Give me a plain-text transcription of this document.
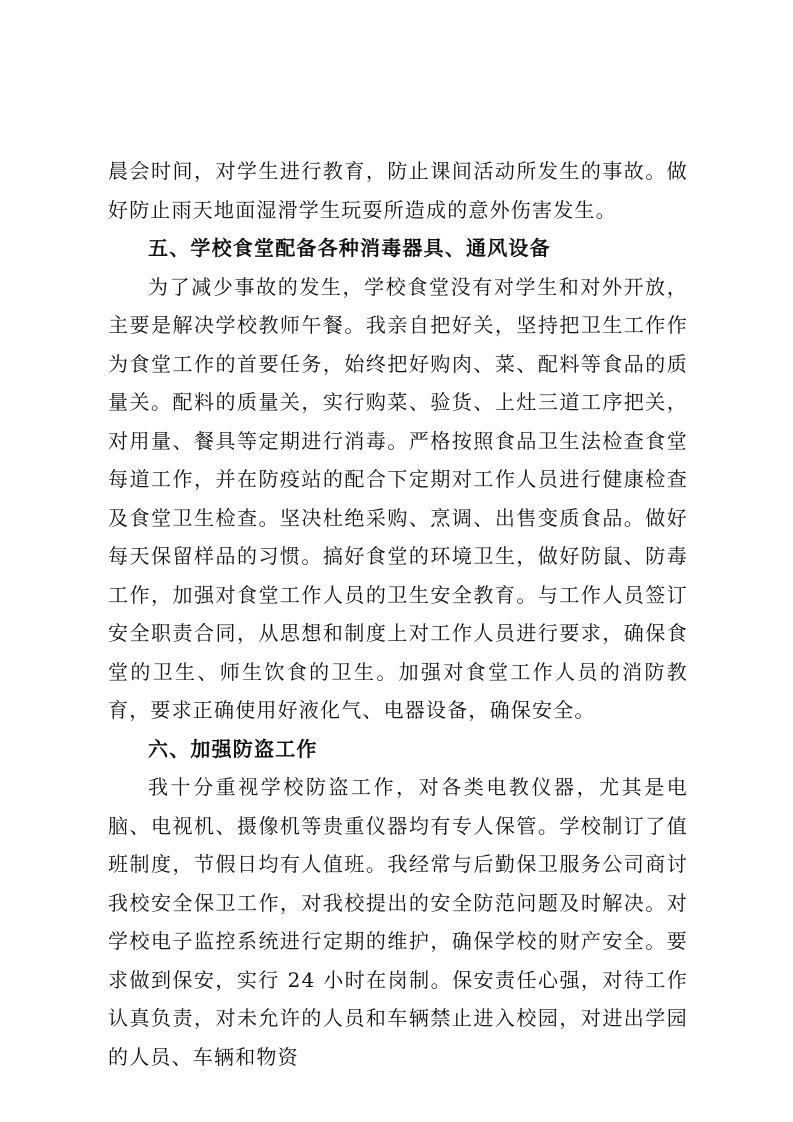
晨会时间，对学生进行教育，防止课间活动所发生的事故。做好防止雨天地面湿滑学生玩耍所造成的意外伤害发生。

五、学校食堂配备各种消毒器具、通风设备

为了减少事故的发生，学校食堂没有对学生和对外开放，主要是解决学校教师午餐。我亲自把好关，坚持把卫生工作作为食堂工作的首要任务，始终把好购肉、菜、配料等食品的质量关。配料的质量关，实行购菜、验货、上灶三道工序把关，对用量、餐具等定期进行消毒。严格按照食品卫生法检查食堂每道工作，并在防疫站的配合下定期对工作人员进行健康检查及食堂卫生检查。坚决杜绝采购、烹调、出售变质食品。做好每天保留样品的习惯。搞好食堂的环境卫生，做好防鼠、防毒工作，加强对食堂工作人员的卫生安全教育。与工作人员签订安全职责合同，从思想和制度上对工作人员进行要求，确保食堂的卫生、师生饮食的卫生。加强对食堂工作人员的消防教育，要求正确使用好液化气、电器设备，确保安全。

六、加强防盗工作

我十分重视学校防盗工作，对各类电教仪器，尤其是电脑、电视机、摄像机等贵重仪器均有专人保管。学校制订了值班制度，节假日均有人值班。我经常与后勤保卫服务公司商讨我校安全保卫工作，对我校提出的安全防范问题及时解决。对学校电子监控系统进行定期的维护，确保学校的财产安全。要求做到保安，实行 24 小时在岗制。保安责任心强，对待工作认真负责，对未允许的人员和车辆禁止进入校园，对进出学园的人员、车辆和物资
